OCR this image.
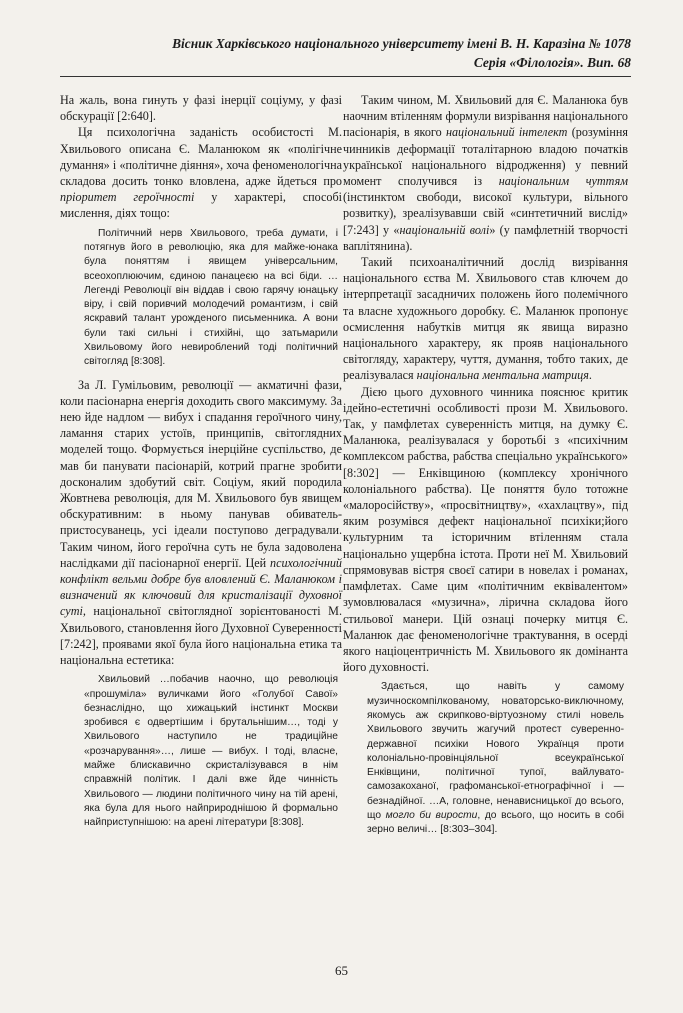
Вісник Харківського національного університету імені В. Н. Каразіна № 1078
Серія «Філологія». Вип. 68

На жаль, вона гинуть у фазі інерції соціуму, у фазі обскурації [2:640].

Ця психологічна заданість особистості М. Хвильового описана Є. Маланюком як «полігічне думання» і «політичне діяння», хоча феноменологічна складова досить тонко вловлена, адже йдеться про пріоритет героїчності у характері, способі мислення, діях тощо:

Політичний нерв Хвильового, треба думати, і потягнув його в революцію, яка для майже-юнака була поняттям і явищем універсальним, всеохоплюючим, єдиною панацеєю на всі біди. …Легенді Революції він віддав і свою гарячу юнацьку віру, і свій поривчий молодечий романтизм, і свій яскравий талант урожденого письменника. А вони були такі сильні і стихійні, що затьмарили Хвильовому його невироблений тоді політичний світогляд [8:308].

За Л. Гумільовим, революції — акматичні фази, коли пасіонарна енергія доходить свого максимуму. За нею йде надлом — вибух і спадання героїчного чину, ламання старих устоїв, принципів, світоглядних моделей тощо. Формується інерційне суспільство, де мав би панувати пасіонарій, котрий прагне зробити досконалим здобутий світ. Соціум, який породила Жовтнева революція, для М. Хвильового був явищем обскуративним: в ньому панував обиватель-пристосуванець, усі ідеали поступово деградували. Таким чином, його героїчна суть не була задоволена наслідками дії пасіонарної енергії. Цей психологічний конфлікт вельми добре був вловлений Є. Маланюком і визначений як ключовий для кристалізації духовної суті, національної світоглядної зорієнтованості М. Хвильового, становлення його Духовної Суверенності [7:242], проявами якої була його національна етика та національна естетика:

Хвильовий …побачив наочно, що революція «прошуміла» вуличками його «Голубої Савої» безнаслідно, що хижацький інстинкт Москви зробився є одвертішим і брутальнішим…, тоді у Хвильового наступило не традиційне «розчарування»…, лише — вибух. І тоді, власне, майже блискавично скристалізувався в нім справжній політик. І далі вже йде чинність Хвильового — людини політичного чину на тій арені, яка була для нього найприроднішою й формально найприступнішою: на арені літератури [8:308].

Таким чином, М. Хвильовий для Є. Маланюка був наочним втіленням формули визрівання національного пасіонарія, в якого національний інтелект (розуміння чинників деформації тоталітарною владою початків української національного відродження) у певний момент сполучився із національним чуттям (інстинктом свободи, високої культури, вільного розвитку), зреалізувавши свій «синтетичний вислід» [7:243] у «національній волі» (у памфлетній творчості ваплітянина).

Такий психоаналітичний дослід визрівання національного єства М. Хвильового став ключем до інтерпретації засадничих положень його полемічного та власне художнього доробку. Є. Маланюк пропонує осмислення набутків митця як явища виразно національного характеру, як прояв національного світогляду, характеру, чуття, думання, тобто таких, де реалізувалася національна ментальна матриця.

Дією цього духовного чинника пояснює критик ідейно-естетичні особливості прози М. Хвильового. Так, у памфлетах суверенність митця, на думку Є. Маланюка, реалізувалася у боротьбі з «психічним комплексом рабства, рабства спеціально українського» [8:302] — Енківщиною (комплексу хронічного колоніального рабства). Це поняття було тотожне «малоросійству», «просвітництву», «хахлацтву», під яким розумівся дефект національної психіки;його культурним та історичним втіленням стала національно ущербна істота. Проти неї М. Хвильовий спрямовував вістря своєї сатири в новелах і романах, памфлетах. Саме цим «політичним еквівалентом» зумовлювалася «музична», ліричнa складова його стильової манери. Цій ознаці почерку митця Є. Маланюк дає феноменологічне трактування, в осерді якого націоцентричність М. Хвильового як домінанта його духовності.

Здається, що навіть у самому музичноскомпілкованому, новаторсько-виключному, якомусь аж скрипково-віртуозному стилі новель Хвильового звучить жагучий протест суверенно-державної психіки Нового Українця проти колоніально-провінціяльної всеукраїнської Енківщини, політичної тупої, вайлувато-самозакоханої, графоманської-етнографічної і — безнадійної. …А, головне, ненависницької до всього, що могло би вирости, до всього, що носить в собі зерно величі… [8:303–304].

65
